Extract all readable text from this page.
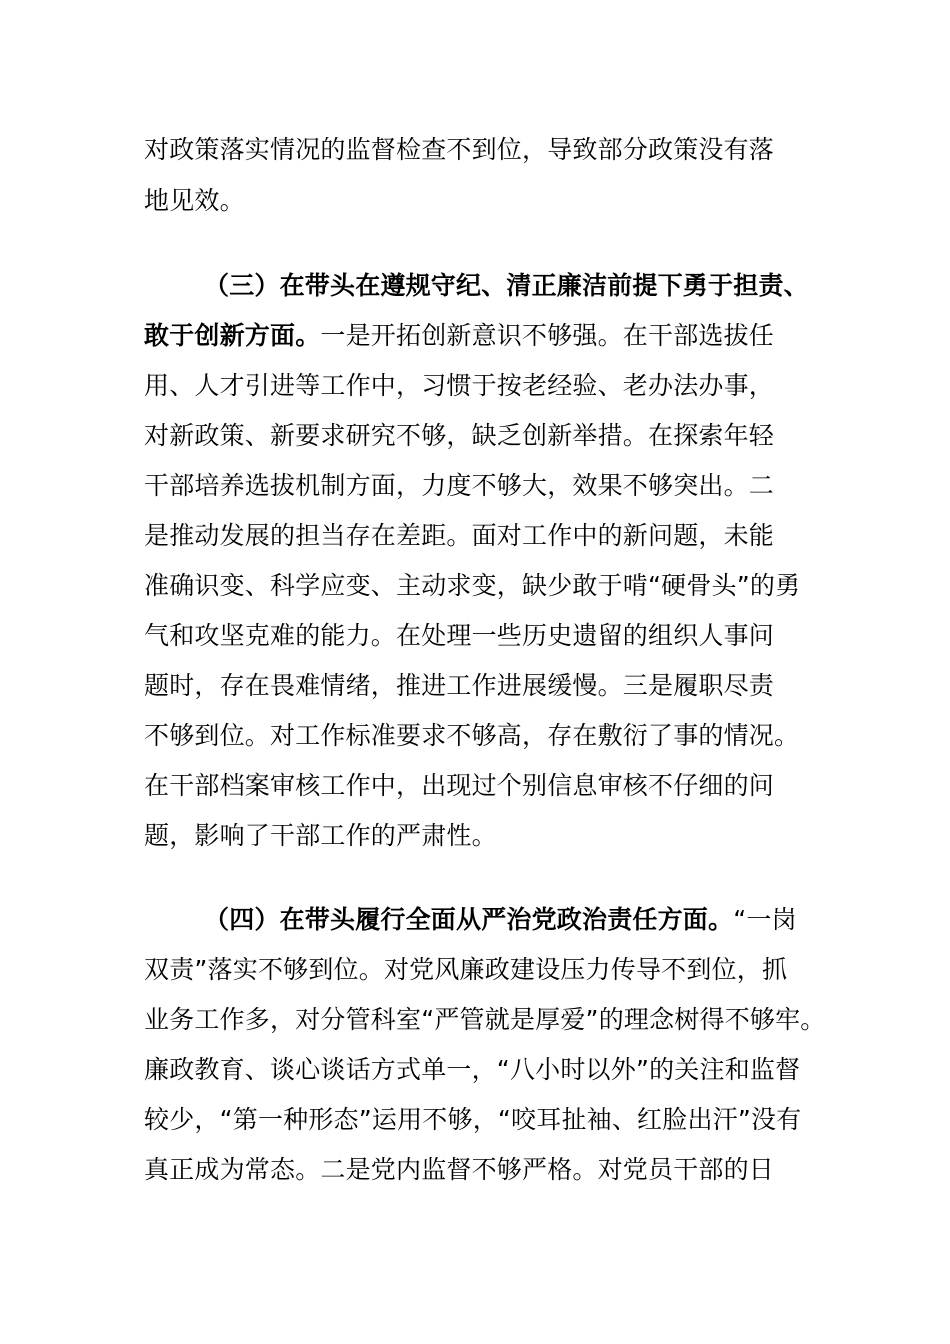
对政策落实情况的监督检查不到位，导致部分政策没有落
地见效。
（三）在带头在遵规守纪、清正廉洁前提下勇于担责、
敢于创新方面。一是开拓创新意识不够强。在干部选拔任
用、人才引进等工作中，习惯于按老经验、老办法办事，
对新政策、新要求研究不够，缺乏创新举措。在探索年轻
干部培养选拔机制方面，力度不够大，效果不够突出。二
是推动发展的担当存在差距。面对工作中的新问题，未能
准确识变、科学应变、主动求变，缺少敢于啃“硬骨头”的勇
气和攻坚克难的能力。在处理一些历史遗留的组织人事问
题时，存在畏难情绪，推进工作进展缓慢。三是履职尽责
不够到位。对工作标准要求不够高，存在敷衍了事的情况。
在干部档案审核工作中，出现过个别信息审核不仔细的问
题，影响了干部工作的严肃性。
（四）在带头履行全面从严治党政治责任方面。“一岗
双责”落实不够到位。对党风廉政建设压力传导不到位，抓
业务工作多，对分管科室“严管就是厚爱”的理念树得不够牢。
廉政教育、谈心谈话方式单一，“八小时以外”的关注和监督
较少，“第一种形态”运用不够，“咬耳扯袖、红脸出汗”没有
真正成为常态。二是党内监督不够严格。对党员干部的日
